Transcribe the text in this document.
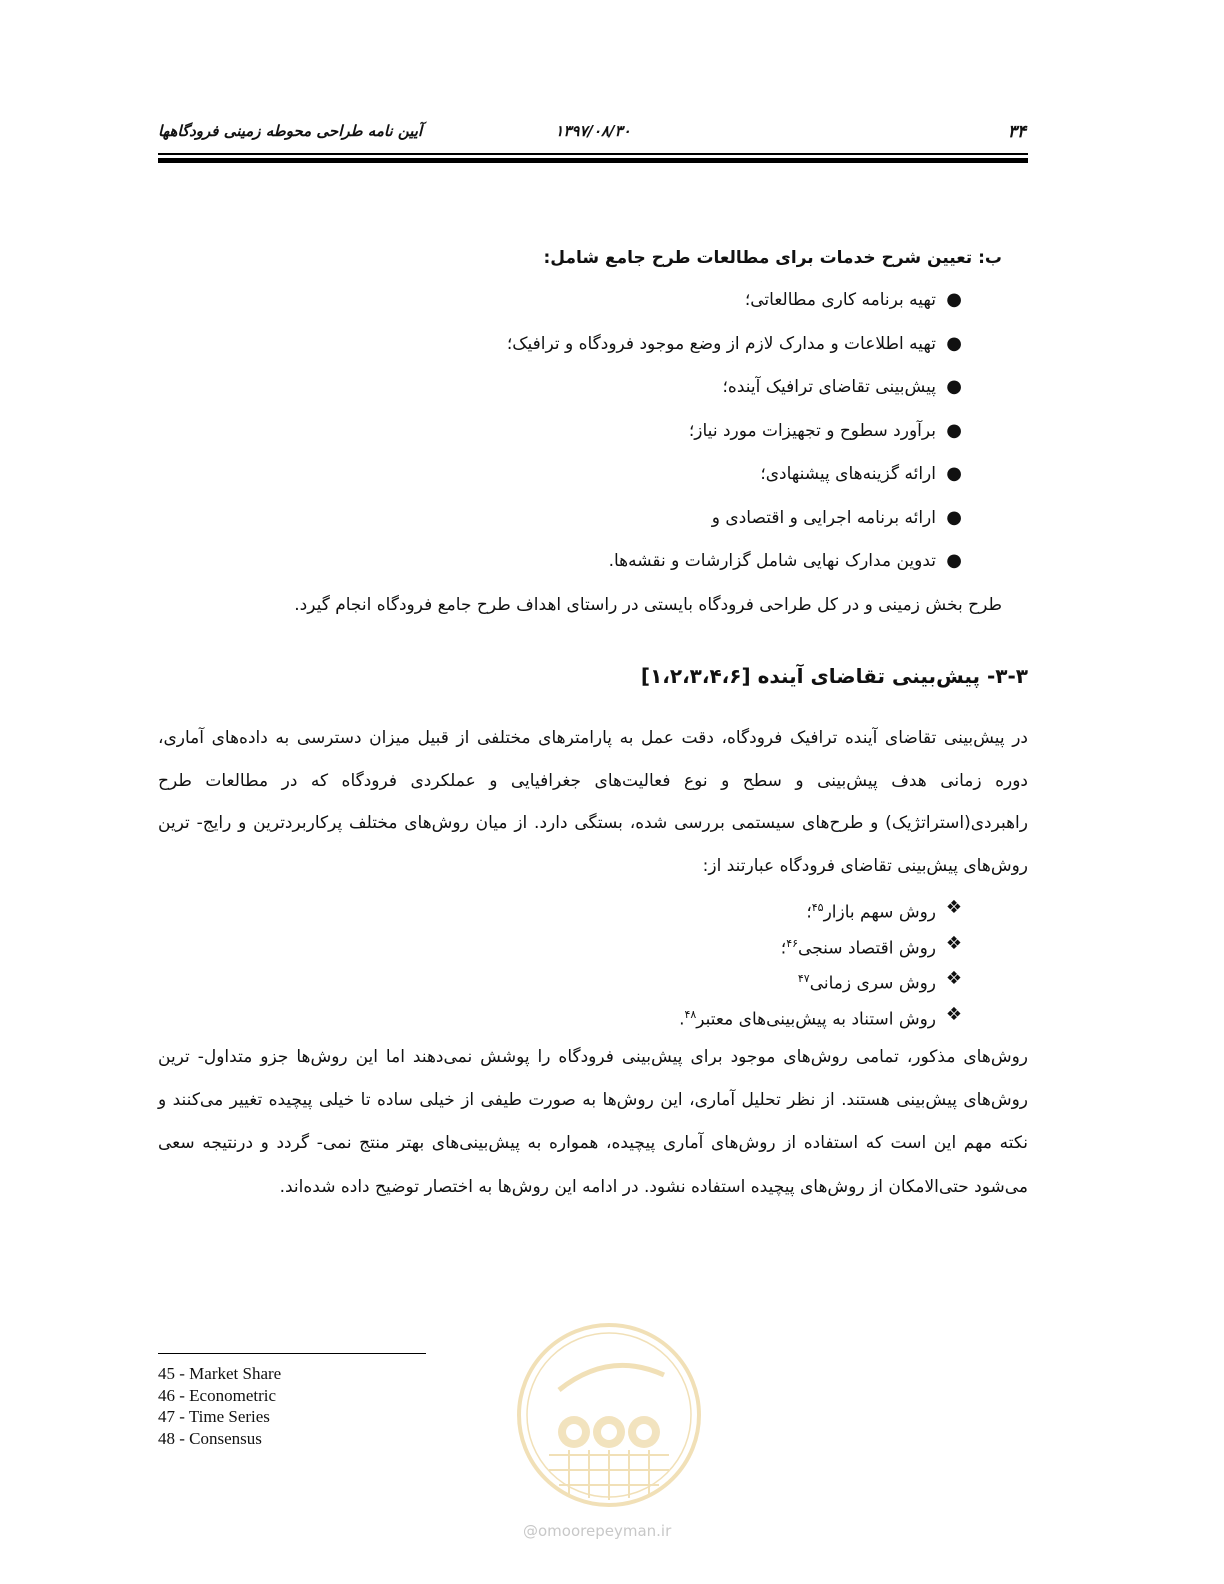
آیین نامه طراحی محوطه زمینی فرودگاهها	۱۳۹۷/۰۸/۳۰	۳۴
ب: تعیین شرح خدمات برای مطالعات طرح جامع شامل:
●
تهیه برنامه کاری مطالعاتی؛
●
تهیه اطلاعات و مدارک لازم از وضع موجود فرودگاه و ترافیک؛
●
پیش‌بینی تقاضای ترافیک آینده؛
●
برآورد سطوح و تجهیزات مورد نیاز؛
●
ارائه گزینه‌های پیشنهادی؛
●
ارائه برنامه اجرایی و اقتصادی و
●
تدوین مدارک نهایی شامل گزارشات و نقشه‌ها.
طرح بخش زمینی و در کل طراحی فرودگاه بایستی در راستای اهداف طرح جامع فرودگاه انجام گیرد.
۳-۳- پیش‌بینی تقاضای آینده [۱،۲،۳،۴،۶]
در پیش‌بینی تقاضای آینده ترافیک فرودگاه، دقت عمل به پارامترهای مختلفی از قبیل میزان دسترسی به داده‌های آماری، دوره زمانی هدف پیش‌بینی و سطح و نوع فعالیت‌های جغرافیایی و عملکردی فرودگاه که در مطالعات طرح راهبردی(استراتژیک) و طرح‌های سیستمی بررسی شده، بستگی دارد. از میان روش‌های مختلف پرکاربردترین و رایج- ترین روش‌های پیش‌بینی تقاضای فرودگاه عبارتند از:
❖
روش سهم بازار$^{۴۵}$؛
❖
روش اقتصاد سنجی$^{۴۶}$؛
❖
روش سری زمانی$^{۴۷}$
❖
روش استناد به پیش‌بینی‌های معتبر$^{۴۸}$.
روش‌های مذکور، تمامی روش‌های موجود برای پیش‌بینی فرودگاه را پوشش نمی‌دهند اما این روش‌ها جزو متداول- ترین روش‌های پیش‌بینی هستند. از نظر تحلیل آماری، این روش‌ها به صورت طیفی از خیلی ساده تا خیلی پیچیده تغییر می‌کنند و نکته مهم این است که استفاده از روش‌های آماری پیچیده، همواره به پیش‌بینی‌های بهتر منتج نمی- گردد و درنتیجه سعی می‌شود حتی‌الامکان از روش‌های پیچیده استفاده نشود. در ادامه این روش‌ها به اختصار توضیح داده شده‌اند.
45 - Market Share
46 - Econometric
47 - Time Series
48 - Consensus
@omoorepeyman.ir
